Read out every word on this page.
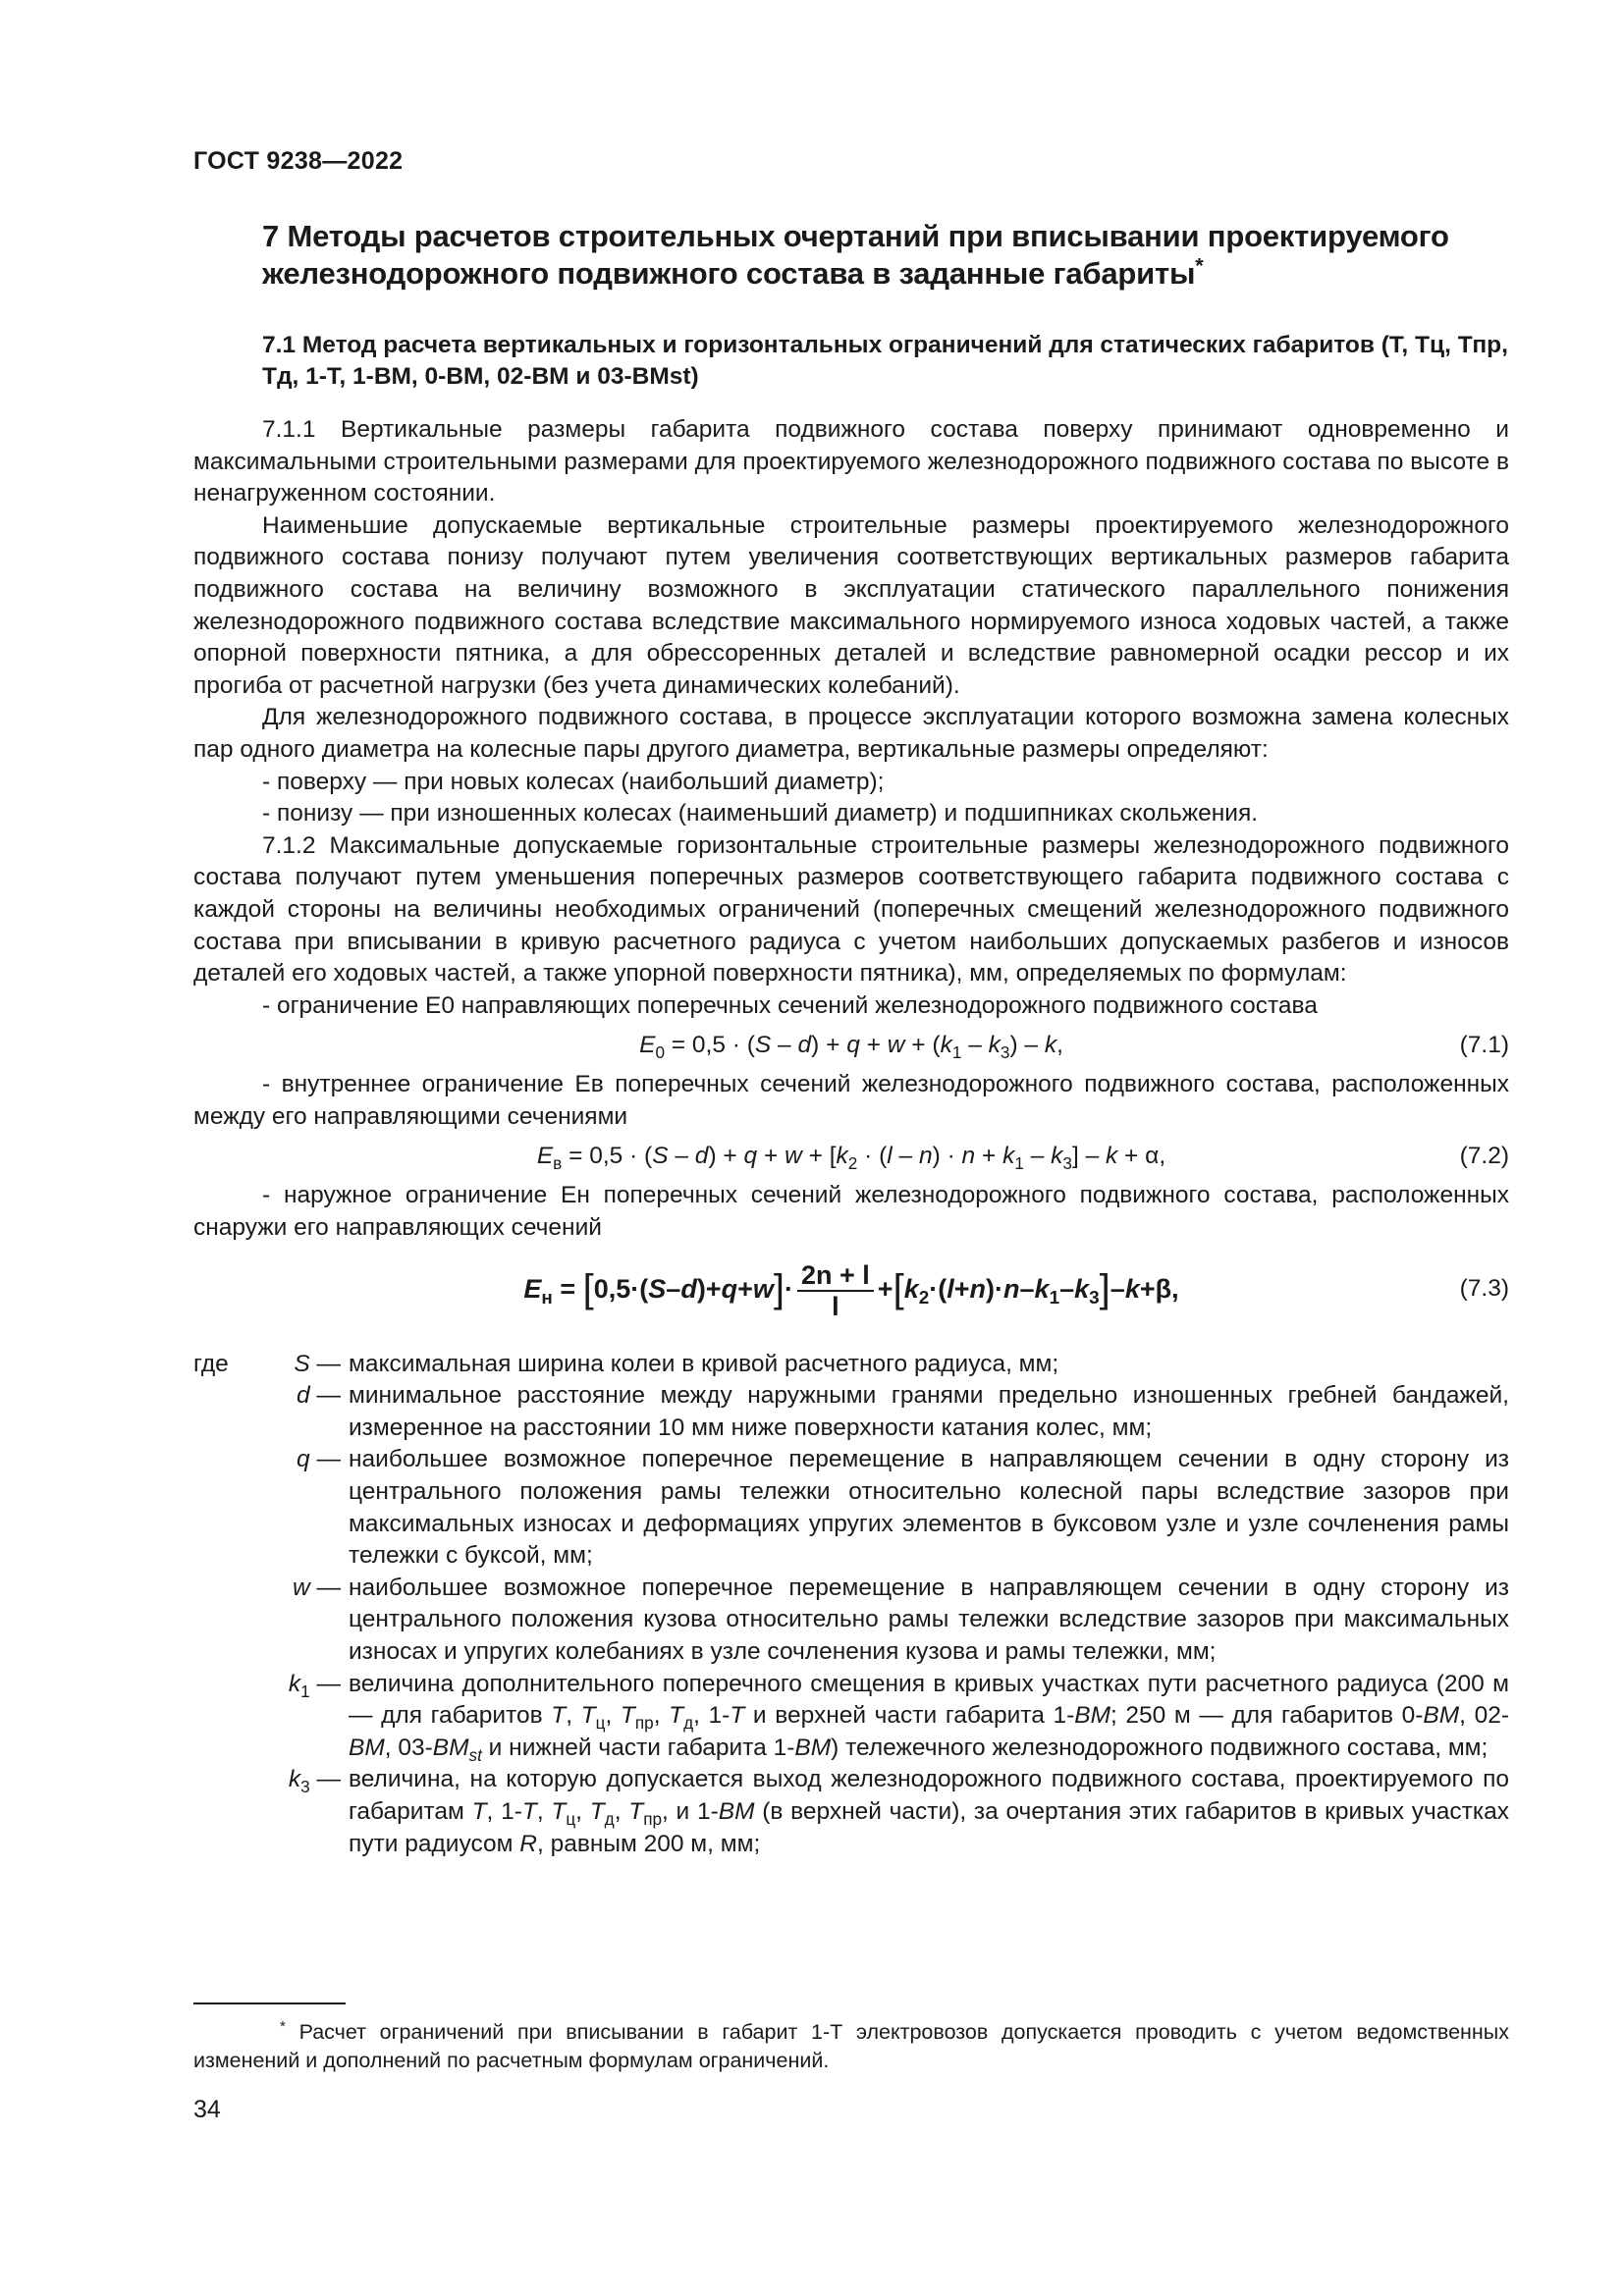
ГОСТ 9238—2022
7 Методы расчетов строительных очертаний при вписывании проектируемого железнодорожного подвижного состава в заданные габариты*
7.1 Метод расчета вертикальных и горизонтальных ограничений для статических габаритов (Т, Тц, Тпр, Тд, 1-Т, 1-ВМ, 0-ВМ, 02-ВМ и 03-ВМst)

7.1.1 Вертикальные размеры габарита подвижного состава поверху принимают одновременно и максимальными строительными размерами для проектируемого железнодорожного подвижного состава по высоте в ненагруженном состоянии.

Наименьшие допускаемые вертикальные строительные размеры проектируемого железнодорожного подвижного состава понизу получают путем увеличения соответствующих вертикальных размеров габарита подвижного состава на величину возможного в эксплуатации статического параллельного понижения железнодорожного подвижного состава вследствие максимального нормируемого износа ходовых частей, а также опорной поверхности пятника, а для обрессоренных деталей и вследствие равномерной осадки рессор и их прогиба от расчетной нагрузки (без учета динамических колебаний).

Для железнодорожного подвижного состава, в процессе эксплуатации которого возможна замена колесных пар одного диаметра на колесные пары другого диаметра, вертикальные размеры определяют:

- поверху — при новых колесах (наибольший диаметр);

- понизу — при изношенных колесах (наименьший диаметр) и подшипниках скольжения.

7.1.2 Максимальные допускаемые горизонтальные строительные размеры железнодорожного подвижного состава получают путем уменьшения поперечных размеров соответствующего габарита подвижного состава с каждой стороны на величины необходимых ограничений (поперечных смещений железнодорожного подвижного состава при вписывании в кривую расчетного радиуса с учетом наибольших допускаемых разбегов и износов деталей его ходовых частей, а также упорной поверхности пятника), мм, определяемых по формулам:

- ограничение E0 направляющих поперечных сечений железнодорожного подвижного состава

$E_0 = 0,5 \cdot (S - d) + q + w + (k_1 - k_3) - k$,	(7.1)

- внутреннее ограничение Eв поперечных сечений железнодорожного подвижного состава, расположенных между его направляющими сечениями

$E_в = 0,5 \cdot (S - d) + q + w + [k_2 \cdot (l - n) \cdot n + k_1 - k_3] - k + \alpha$,	(7.2)

- наружное ограничение Eн поперечных сечений железнодорожного подвижного состава, расположенных снаружи его направляющих сечений

$E_н = [0,5\cdot(S-d)+q+w]\cdot \frac{2n + l}{l} +[k_2\cdot(l+n)\cdot n-k_1-k_3]-k+\beta$,	(7.3)
где	S — максимальная ширина колеи в кривой расчетного радиуса, мм;
d — минимальное расстояние между наружными гранями предельно изношенных гребней бандажей, измеренное на расстоянии 10 мм ниже поверхности катания колес, мм;
q — наибольшее возможное поперечное перемещение в направляющем сечении в одну сторону из центрального положения рамы тележки относительно колесной пары вследствие зазоров при максимальных износах и деформациях упругих элементов в буксовом узле и узле сочленения рамы тележки с буксой, мм;
w — наибольшее возможное поперечное перемещение в направляющем сечении в одну сторону из центрального положения кузова относительно рамы тележки вследствие зазоров при максимальных износах и упругих колебаниях в узле сочленения кузова и рамы тележки, мм;
$k_1$ — величина дополнительного поперечного смещения в кривых участках пути расчетного радиуса (200 м — для габаритов Т, $Т_ц$, $Т_{пр}$, $Т_д$, 1-Т и верхней части габарита 1-ВМ; 250 м — для габаритов 0-ВМ, 02-ВМ, $03-ВМ_{st}$ и нижней части габарита 1-ВМ) тележечного железнодорожного подвижного состава, мм;
$k_3$ — величина, на которую допускается выход железнодорожного подвижного состава, проектируемого по габаритам Т, 1-Т, $Т_ц$, $Т_д$, $Т_{пр}$, и 1-ВМ (в верхней части), за очертания этих габаритов в кривых участках пути радиусом R, равным 200 м, мм;
* Расчет ограничений при вписывании в габарит 1-Т электровозов допускается проводить с учетом ведомственных изменений и дополнений по расчетным формулам ограничений.
34
